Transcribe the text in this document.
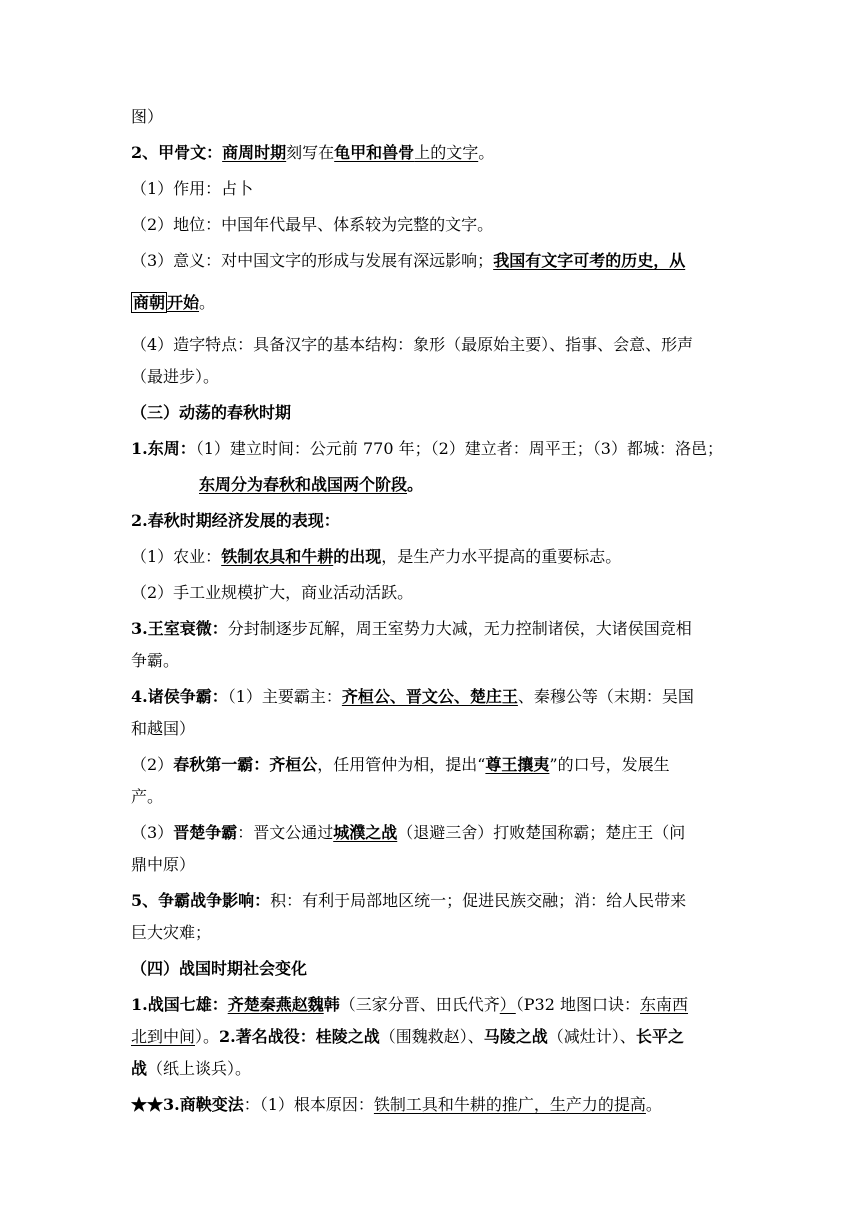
图）
2、甲骨文：商周时期刻写在龟甲和兽骨上的文字。
（1）作用：占卜
（2）地位：中国年代最早、体系较为完整的文字。
（3）意义：对中国文字的形成与发展有深远影响；我国有文字可考的历史，从
商朝 开始。
（4）造字特点：具备汉字的基本结构：象形（最原始主要）、指事、会意、形声
（最进步）。
（三）动荡的春秋时期
1.东周：（1）建立时间：公元前 770 年；（2）建立者：周平王；（3）都城：洛邑；
东周分为春秋和战国两个阶段。
2.春秋时期经济发展的表现：
（1）农业：铁制农具和牛耕的出现，是生产力水平提高的重要标志。
（2）手工业规模扩大，商业活动活跃。
3.王室衰微：分封制逐步瓦解，周王室势力大减，无力控制诸侯，大诸侯国竞相
争霸。
4.诸侯争霸：（1）主要霸主：齐桓公、晋文公、楚庄王、秦穆公等（末期：吴国
和越国）
（2）春秋第一霸：齐桓公，任用管仲为相，提出“尊王攘夷”的口号，发展生
产。
（3）晋楚争霸：晋文公通过城濮之战（退避三舍）打败楚国称霸；楚庄王（问
鼎中原）
5、争霸战争影响：积：有利于局部地区统一；促进民族交融；消：给人民带来
巨大灾难；
（四）战国时期社会变化
1.战国七雄：齐楚秦燕赵魏韩（三家分晋、田氏代齐）（P32 地图口诀：东南西
北到中间）。2.著名战役：桂陵之战（围魏救赵）、马陵之战（减灶计）、长平之
战（纸上谈兵）。
★★3.商鞅变法：（1）根本原因：铁制工具和牛耕的推广，生产力的提高。
